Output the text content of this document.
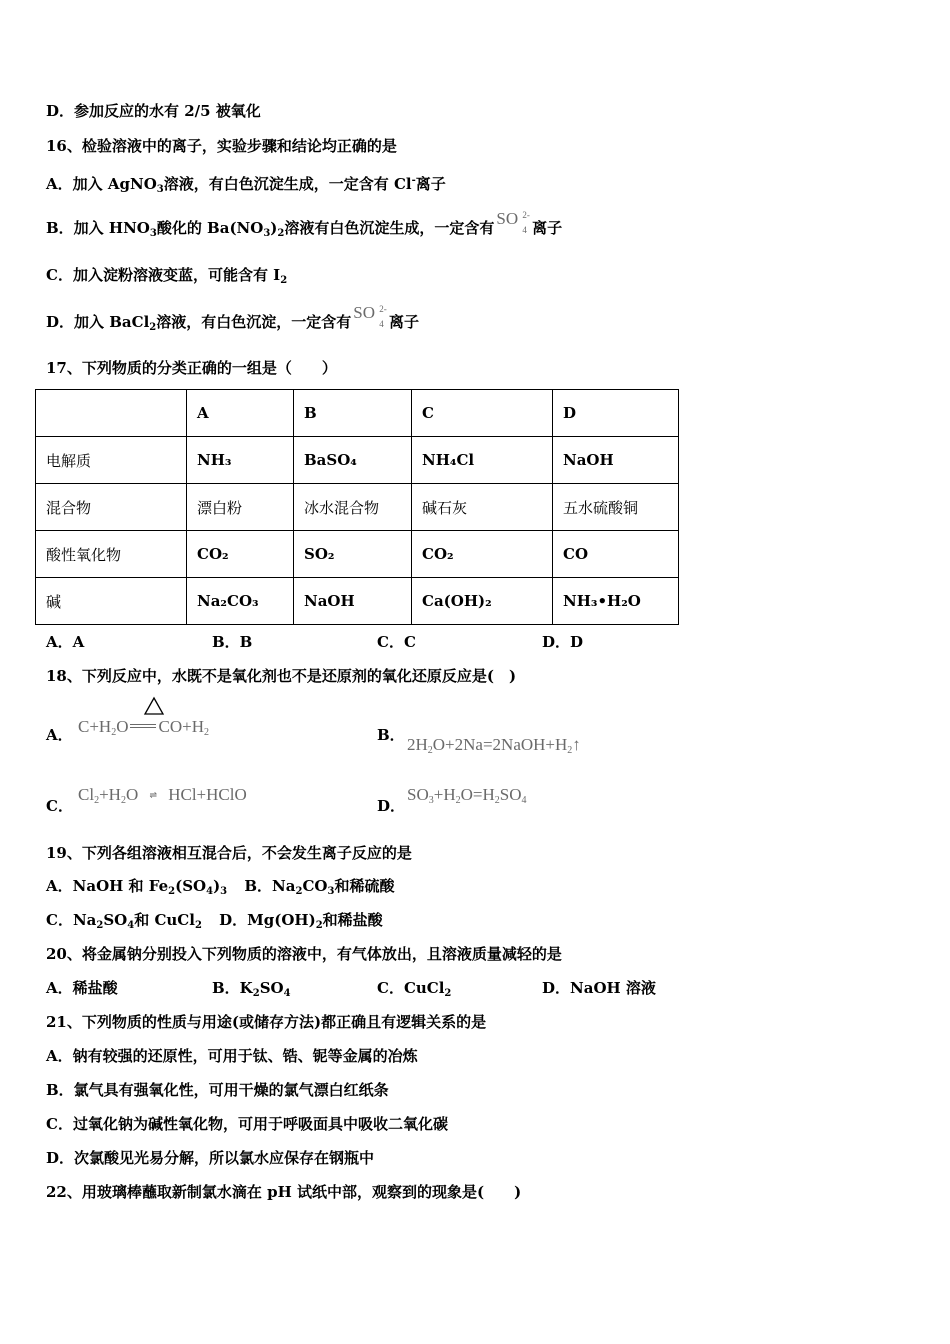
D．参加反应的水有 2/5 被氧化
16、检验溶液中的离子，实验步骤和结论均正确的是
A．加入 AgNO$_3$溶液，有白色沉淀生成，一定含有 Cl-离子
B．加入 $HNO_3$酸化的 $Ba(NO_3)_2$溶液有白色沉淀生成，一定含有 SO 2-
4 离子
C．加入淀粉溶液变蓝，可能含有 $I_2$
D．加入 BaCl$_2$溶液，有白色沉淀，一定含有 SO 2-
4 离子
17、下列物质的分类正确的一组是（　　）
	A	B	C	D
电解质	NH₃	BaSO₄	NH₄Cl	NaOH
混合物	漂白粉	冰水混合物	碱石灰	五水硫酸铜
酸性氧化物	CO₂	SO₂	CO₂	CO
碱	Na₂CO₃	NaOH	Ca(OH)₂	NH₃•H₂O
A．A	B．B	C．C	D．D
18、下列反应中，水既不是氧化剂也不是还原剂的氧化还原反应是(　)
A． $C+H_2O$ $CO+H_2$	B． $2H_2O+2Na=2NaOH+H_2↑$
C．
$Cl_2+H_2O$ ⇌ HCl+HClO
D．
$SO_3+H_2O=H_2SO_4$
19、下列各组溶液相互混合后，不会发生离子反应的是
A．NaOH 和 $Fe_2(SO_4)_3$ B．$Na_2CO_3$和稀硫酸
C．$Na_2SO_4$和 CuCl$_2$ D．$Mg(OH)_2$和稀盐酸
20、将金属钠分别投入下列物质的溶液中，有气体放出，且溶液质量减轻的是
A．稀盐酸	B．$K_2SO_4$	C．CuCl$_2$	D．NaOH 溶液
21、下列物质的性质与用途(或储存方法)都正确且有逻辑关系的是
A．钠有较强的还原性，可用于钛、锆、铌等金属的冶炼
B．氯气具有强氧化性，可用干燥的氯气漂白红纸条
C．过氧化钠为碱性氧化物，可用于呼吸面具中吸收二氧化碳
D．次氯酸见光易分解，所以氯水应保存在钢瓶中
22、用玻璃棒蘸取新制氯水滴在 pH 试纸中部，观察到的现象是(　　)
